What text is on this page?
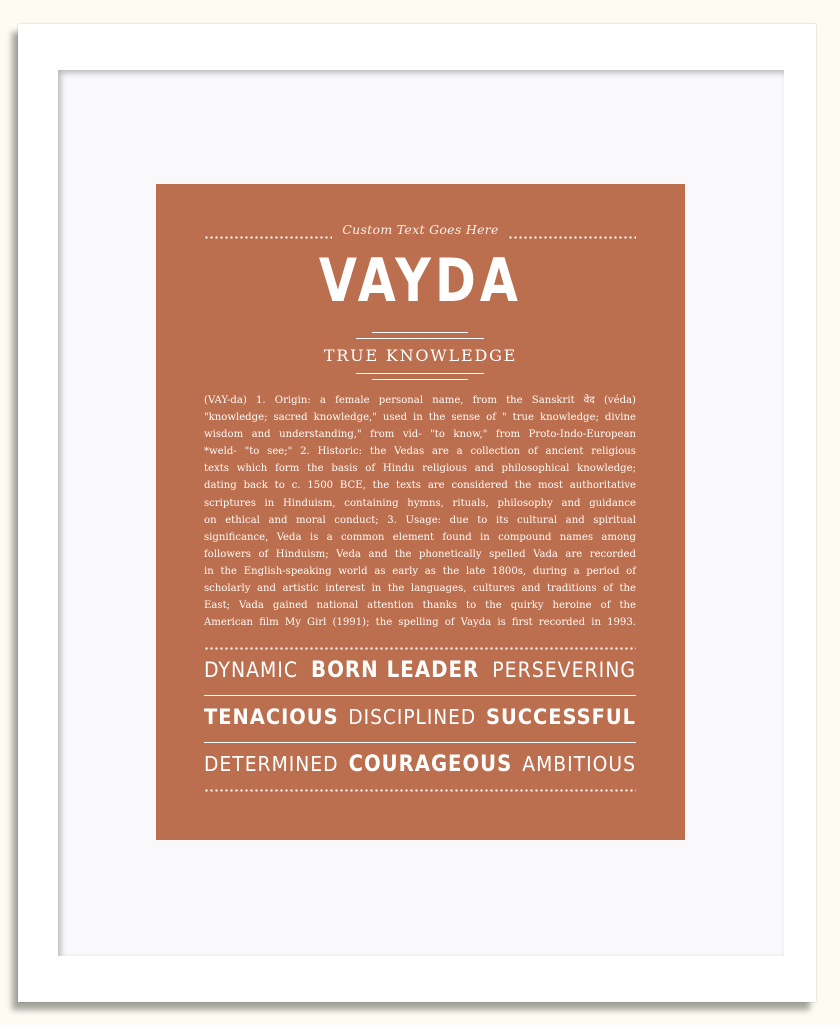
Custom Text Goes Here
VAYDA
TRUE KNOWLEDGE
(VAY-da) 1. Origin: a female personal name, from the Sanskrit वेद (véda)
"knowledge; sacred knowledge," used in the sense of " true knowledge; divine
wisdom and understanding," from vid- "to know," from Proto-Indo-European
*weld- "to see;" 2. Historic: the Vedas are a collection of ancient religious
texts which form the basis of Hindu religious and philosophical knowledge;
dating back to c. 1500 BCE, the texts are considered the most authoritative
scriptures in Hinduism, containing hymns, rituals, philosophy and guidance
on ethical and moral conduct; 3. Usage: due to its cultural and spiritual
significance, Veda is a common element found in compound names among
followers of Hinduism; Veda and the phonetically spelled Vada are recorded
in the English-speaking world as early as the late 1800s, during a period of
scholarly and artistic interest in the languages, cultures and traditions of the
East; Vada gained national attention thanks to the quirky heroine of the
American film My Girl (1991); the spelling of Vayda is first recorded in 1993.
DYNAMIC BORN LEADER PERSEVERING
TENACIOUS DISCIPLINED SUCCESSFUL
DETERMINED COURAGEOUS AMBITIOUS
